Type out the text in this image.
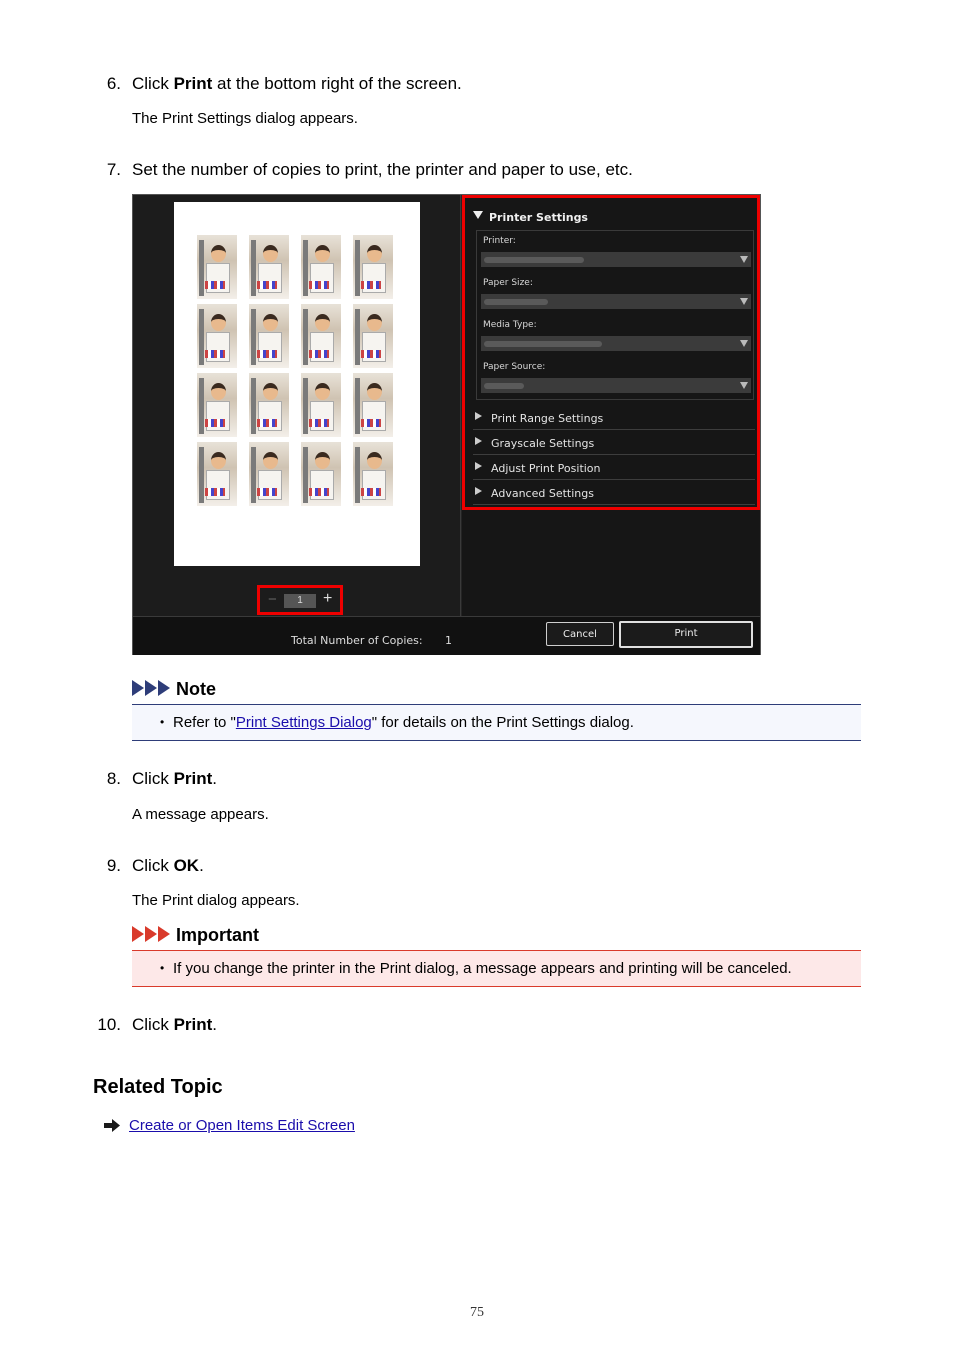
6. Click Print at the bottom right of the screen.
The Print Settings dialog appears.
7. Set the number of copies to print, the printer and paper to use, etc.
−	1	+
Printer Settings
Printer:
Paper Size:
Media Type:
Paper Source:
Print Range Settings
Grayscale Settings
Adjust Print Position
Advanced Settings
Total Number of Copies: 1	Cancel	Print
Note
• Refer to "Print Settings Dialog" for details on the Print Settings dialog.
8. Click Print.
A message appears.
9. Click OK.
The Print dialog appears.
Important
• If you change the printer in the Print dialog, a message appears and printing will be canceled.
10. Click Print.
Related Topic
Create or Open Items Edit Screen
75
